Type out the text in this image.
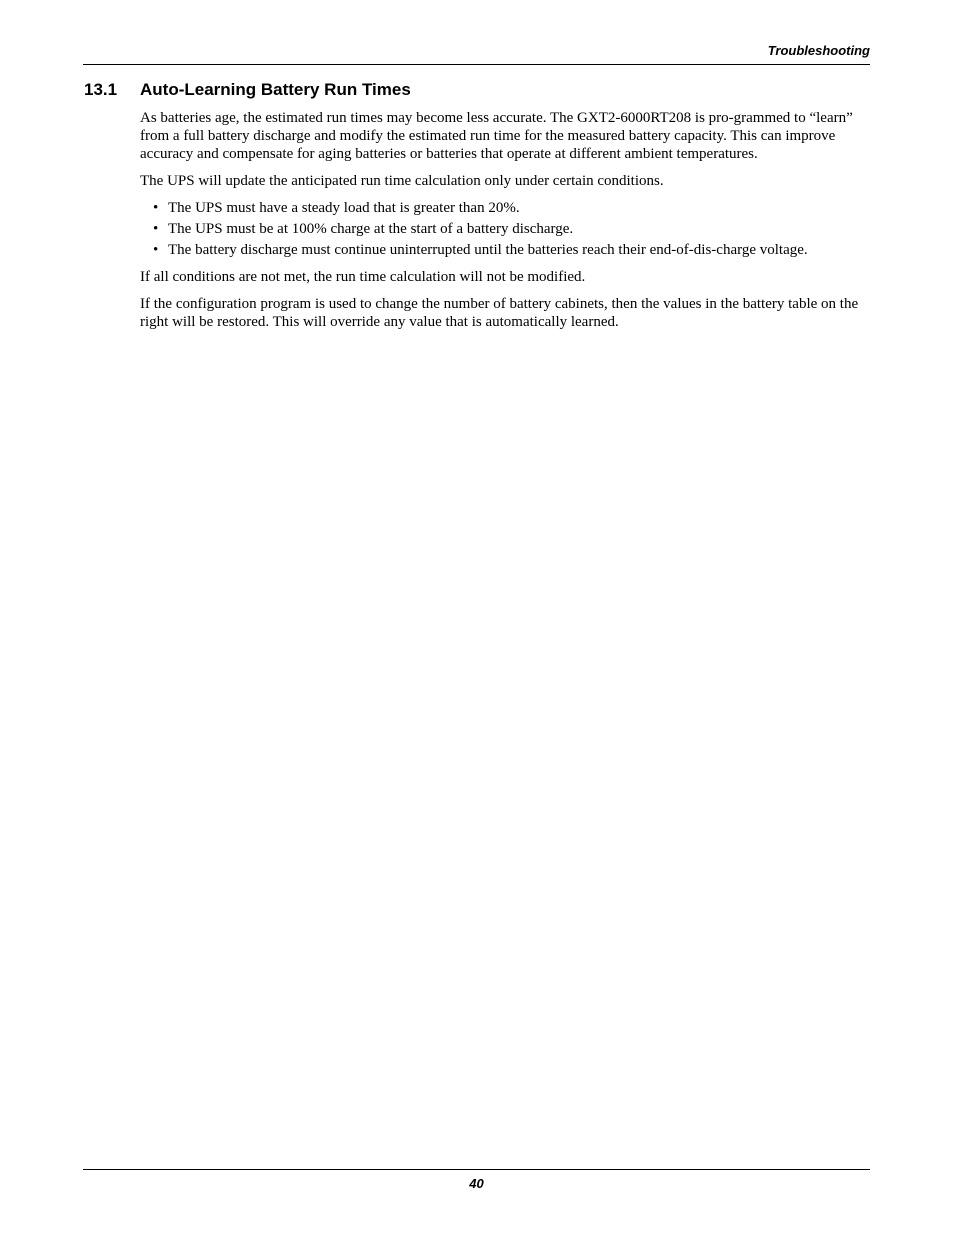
Troubleshooting
13.1 Auto-Learning Battery Run Times

As batteries age, the estimated run times may become less accurate. The GXT2-6000RT208 is pro-grammed to “learn” from a full battery discharge and modify the estimated run time for the measured battery capacity. This can improve accuracy and compensate for aging batteries or batteries that operate at different ambient temperatures.

The UPS will update the anticipated run time calculation only under certain conditions.

• The UPS must have a steady load that is greater than 20%.
• The UPS must be at 100% charge at the start of a battery discharge.
• The battery discharge must continue uninterrupted until the batteries reach their end-of-dis-charge voltage.

If all conditions are not met, the run time calculation will not be modified.

If the configuration program is used to change the number of battery cabinets, then the values in the battery table on the right will be restored. This will override any value that is automatically learned.

40
